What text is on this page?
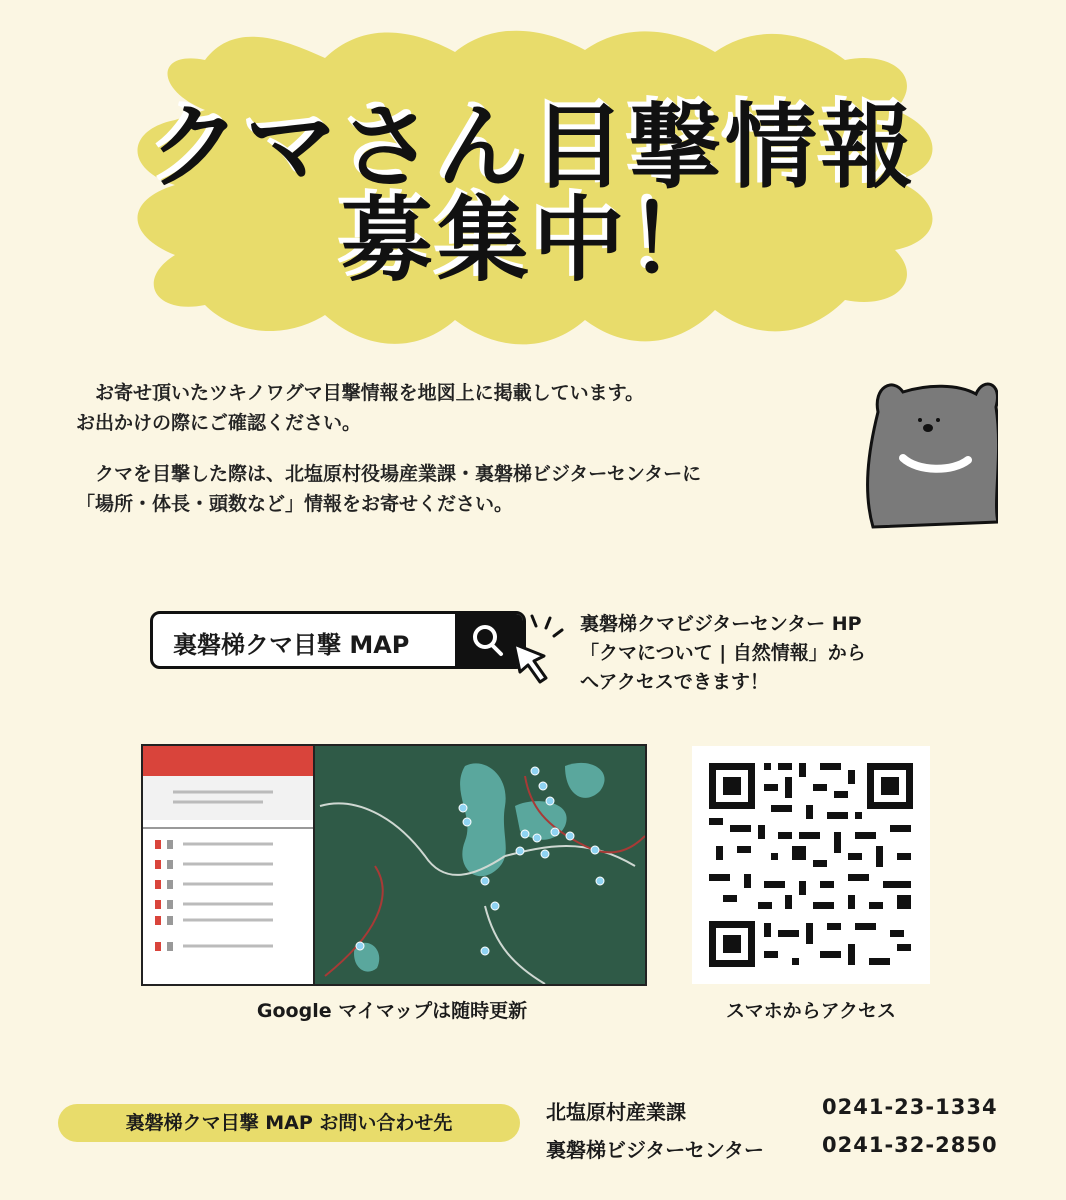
クマさん目撃情報
募集中！
　お寄せ頂いたツキノワグマ目撃情報を地図上に掲載しています。
お出かけの際にご確認ください。
　クマを目撃した際は、北塩原村役場産業課・裏磐梯ビジターセンターに
「場所・体長・頭数など」情報をお寄せください。
裏磐梯クマ目撃 MAP
裏磐梯クマビジターセンター HP
「クマについて | 自然情報」から
へアクセスできます！
Google マイマップは随時更新	スマホからアクセス
裏磐梯クマ目撃 MAP お問い合わせ先	北塩原村産業課	0241-23-1334
裏磐梯ビジターセンター	0241-32-2850
